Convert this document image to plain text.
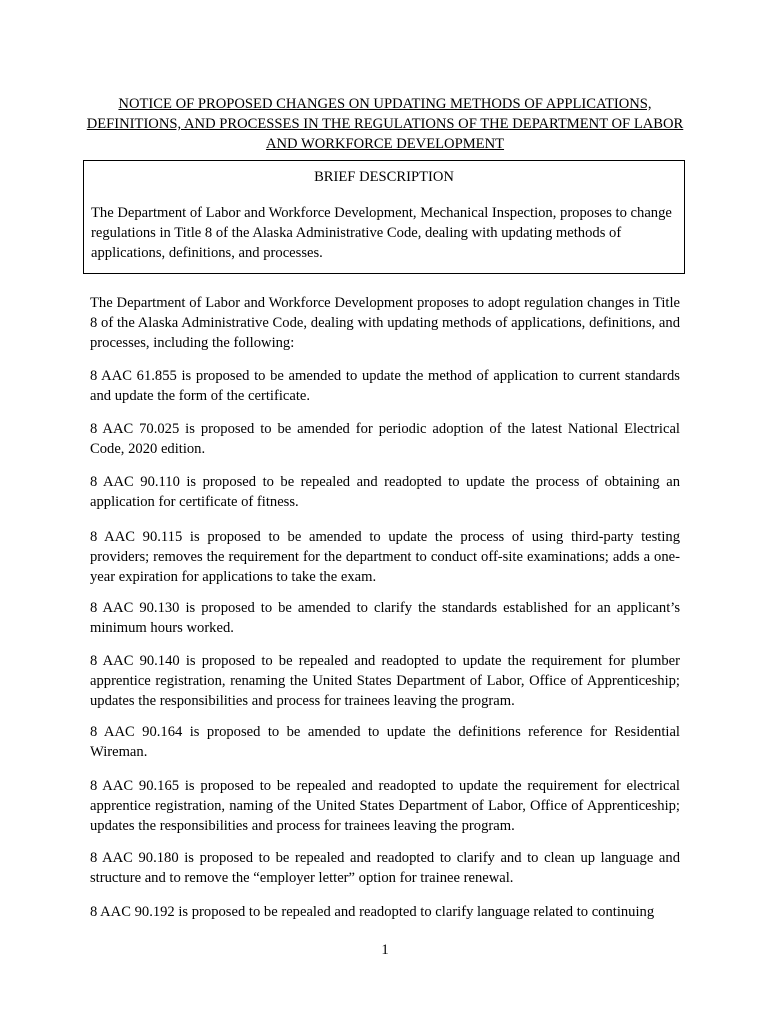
NOTICE OF PROPOSED CHANGES ON UPDATING METHODS OF APPLICATIONS, DEFINITIONS, AND PROCESSES IN THE REGULATIONS OF THE DEPARTMENT OF LABOR AND WORKFORCE DEVELOPMENT
BRIEF DESCRIPTION
The Department of Labor and Workforce Development, Mechanical Inspection, proposes to change regulations in Title 8 of the Alaska Administrative Code, dealing with updating methods of applications, definitions, and processes.

The Department of Labor and Workforce Development proposes to adopt regulation changes in Title 8 of the Alaska Administrative Code, dealing with updating methods of applications, definitions, and processes, including the following:

8 AAC 61.855 is proposed to be amended to update the method of application to current standards and update the form of the certificate.

8 AAC 70.025 is proposed to be amended for periodic adoption of the latest National Electrical Code, 2020 edition.

8 AAC 90.110 is proposed to be repealed and readopted to update the process of obtaining an application for certificate of fitness.

8 AAC 90.115 is proposed to be amended to update the process of using third-party testing providers; removes the requirement for the department to conduct off-site examinations; adds a one-year expiration for applications to take the exam.

8 AAC 90.130 is proposed to be amended to clarify the standards established for an applicant’s minimum hours worked.

8 AAC 90.140 is proposed to be repealed and readopted to update the requirement for plumber apprentice registration, renaming the United States Department of Labor, Office of Apprenticeship; updates the responsibilities and process for trainees leaving the program.

8 AAC 90.164 is proposed to be amended to update the definitions reference for Residential Wireman.

8 AAC 90.165 is proposed to be repealed and readopted to update the requirement for electrical apprentice registration, naming of the United States Department of Labor, Office of Apprenticeship; updates the responsibilities and process for trainees leaving the program.

8 AAC 90.180 is proposed to be repealed and readopted to clarify and to clean up language and structure and to remove the “employer letter” option for trainee renewal.

8 AAC 90.192 is proposed to be repealed and readopted to clarify language related to continuing

1
